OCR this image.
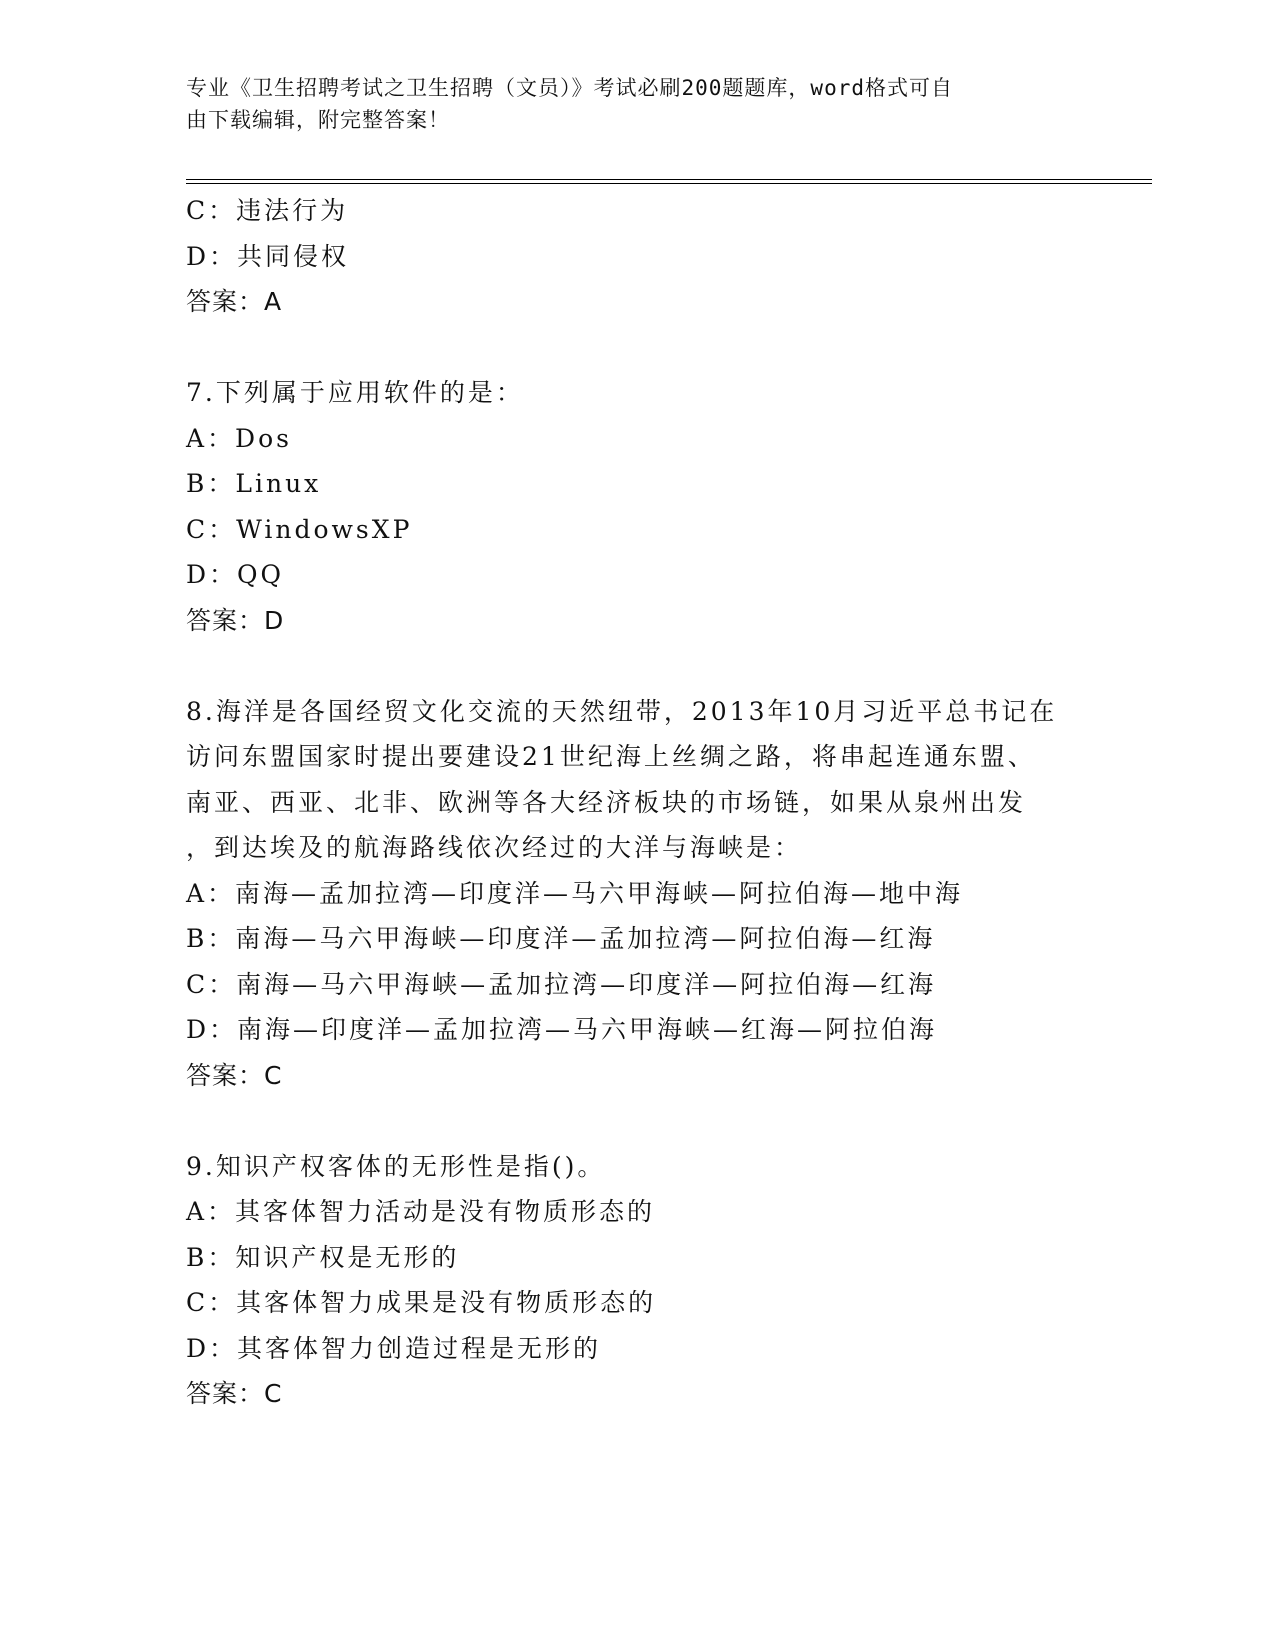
专业《卫生招聘考试之卫生招聘（文员）》考试必刷200题题库，word格式可自
由下载编辑，附完整答案！
C：违法行为
D：共同侵权
答案：A
7.下列属于应用软件的是：
A：Dos
B：Linux
C：WindowsXP
D：QQ
答案：D
8.海洋是各国经贸文化交流的天然纽带，2013年10月习近平总书记在
访问东盟国家时提出要建设21世纪海上丝绸之路，将串起连通东盟、
南亚、西亚、北非、欧洲等各大经济板块的市场链，如果从泉州出发
，到达埃及的航海路线依次经过的大洋与海峡是：
A：南海—孟加拉湾—印度洋—马六甲海峡—阿拉伯海—地中海
B：南海—马六甲海峡—印度洋—孟加拉湾—阿拉伯海—红海
C：南海—马六甲海峡—孟加拉湾—印度洋—阿拉伯海—红海
D：南海—印度洋—孟加拉湾—马六甲海峡—红海—阿拉伯海
答案：C
9.知识产权客体的无形性是指()。
A：其客体智力活动是没有物质形态的
B：知识产权是无形的
C：其客体智力成果是没有物质形态的
D：其客体智力创造过程是无形的
答案：C
